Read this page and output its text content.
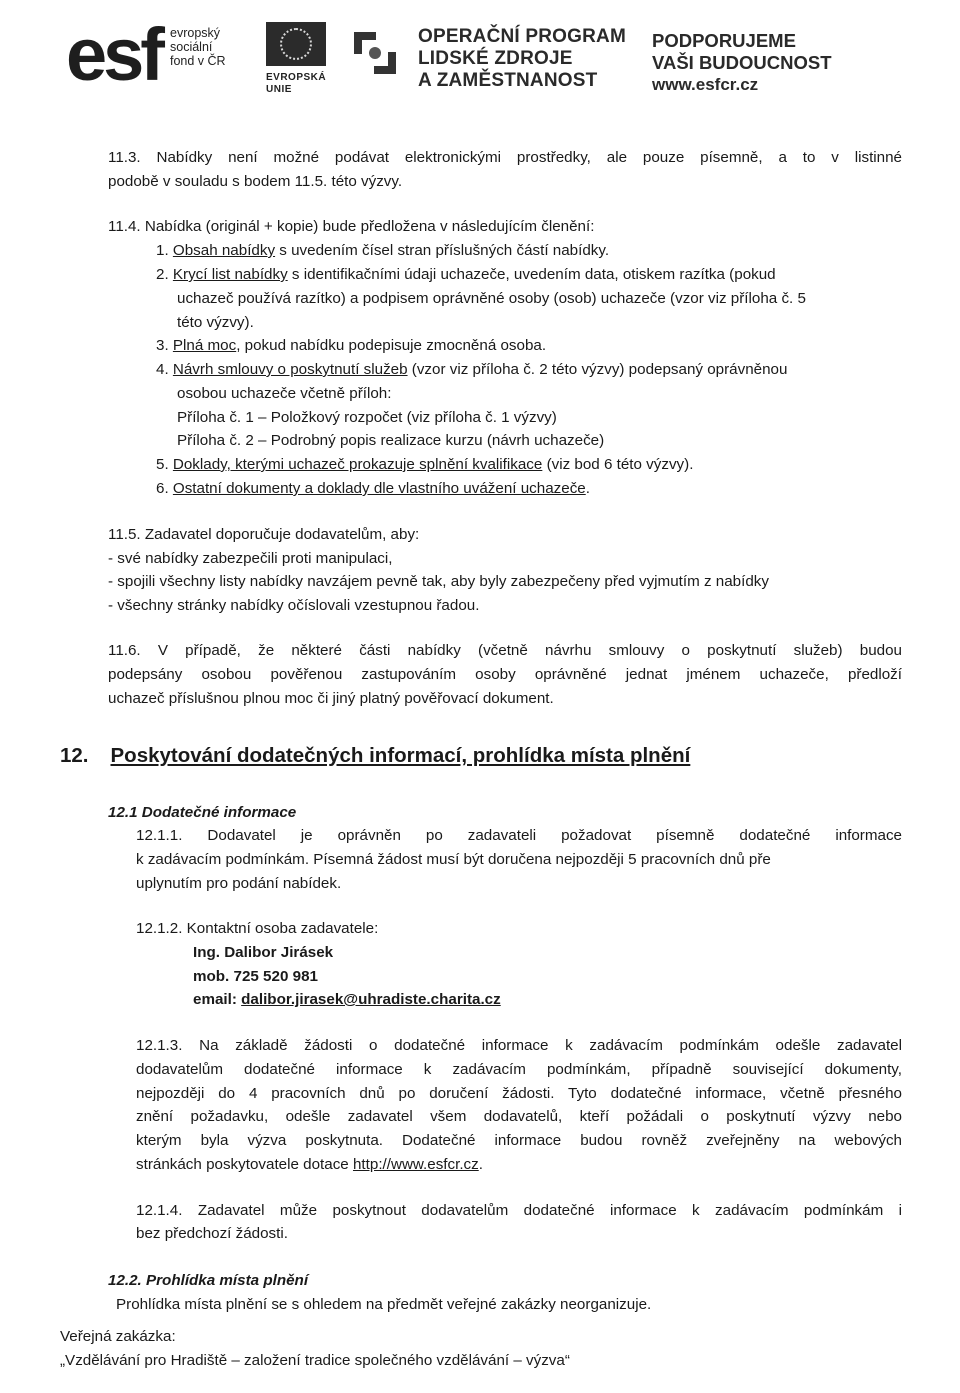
esf evropský
sociální
fond v ČR
EVROPSKÁ UNIE
OPERAČNÍ PROGRAM
LIDSKÉ ZDROJE
A ZAMĚSTNANOST
PODPORUJEME
VAŠI BUDOUCNOST
www.esfcr.cz
11.3. Nabídky není možné podávat elektronickými prostředky, ale pouze písemně, a to v listinné
podobě v souladu s bodem 11.5. této výzvy.
11.4. Nabídka (originál + kopie) bude předložena v následujícím členění:
1. Obsah nabídky s uvedením čísel stran příslušných částí nabídky.
2. Krycí list nabídky s identifikačními údaji uchazeče, uvedením data, otiskem razítka (pokud
uchazeč používá razítko) a podpisem oprávněné osoby (osob) uchazeče (vzor viz příloha č. 5
této výzvy).
3. Plná moc, pokud nabídku podepisuje zmocněná osoba.
4. Návrh smlouvy o poskytnutí služeb (vzor viz příloha č. 2 této výzvy) podepsaný oprávněnou
osobou uchazeče včetně příloh:
Příloha č. 1 – Položkový rozpočet (viz příloha č. 1 výzvy)
Příloha č. 2 – Podrobný popis realizace kurzu (návrh uchazeče)
5. Doklady, kterými uchazeč prokazuje splnění kvalifikace (viz bod 6 této výzvy).
6. Ostatní dokumenty a doklady dle vlastního uvážení uchazeče.
11.5. Zadavatel doporučuje dodavatelům, aby:
- své nabídky zabezpečili proti manipulaci,
- spojili všechny listy nabídky navzájem pevně tak, aby byly zabezpečeny před vyjmutím z nabídky
- všechny stránky nabídky očíslovali vzestupnou řadou.
11.6. V případě, že některé části nabídky (včetně návrhu smlouvy o poskytnutí služeb) budou
podepsány osobou pověřenou zastupováním osoby oprávněné jednat jménem uchazeče, předloží
uchazeč příslušnou plnou moc či jiný platný pověřovací dokument.
12. Poskytování dodatečných informací, prohlídka místa plnění
12.1 Dodatečné informace
12.1.1. Dodavatel je oprávněn po zadavateli požadovat písemně dodatečné informace
k zadávacím podmínkám. Písemná žádost musí být doručena nejpozději 5 pracovních dnů pře
uplynutím pro podání nabídek.
12.1.2. Kontaktní osoba zadavatele:
Ing. Dalibor Jirásek
mob. 725 520 981
email: dalibor.jirasek@uhradiste.charita.cz
12.1.3. Na základě žádosti o dodatečné informace k zadávacím podmínkám odešle zadavatel
dodavatelům dodatečné informace k zadávacím podmínkám, případně související dokumenty,
nejpozději do 4 pracovních dnů po doručení žádosti. Tyto dodatečné informace, včetně přesného
znění požadavku, odešle zadavatel všem dodavatelů, kteří požádali o poskytnutí výzvy nebo
kterým byla výzva poskytnuta. Dodatečné informace budou rovněž zveřejněny na webových
stránkách poskytovatele dotace http://www.esfcr.cz.
12.1.4. Zadavatel může poskytnout dodavatelům dodatečné informace k zadávacím podmínkám i
bez předchozí žádosti.
12.2. Prohlídka místa plnění
Prohlídka místa plnění se s ohledem na předmět veřejné zakázky neorganizuje.
Veřejná zakázka:
„Vzdělávání pro Hradiště – založení tradice společného vzdělávání – výzva“
